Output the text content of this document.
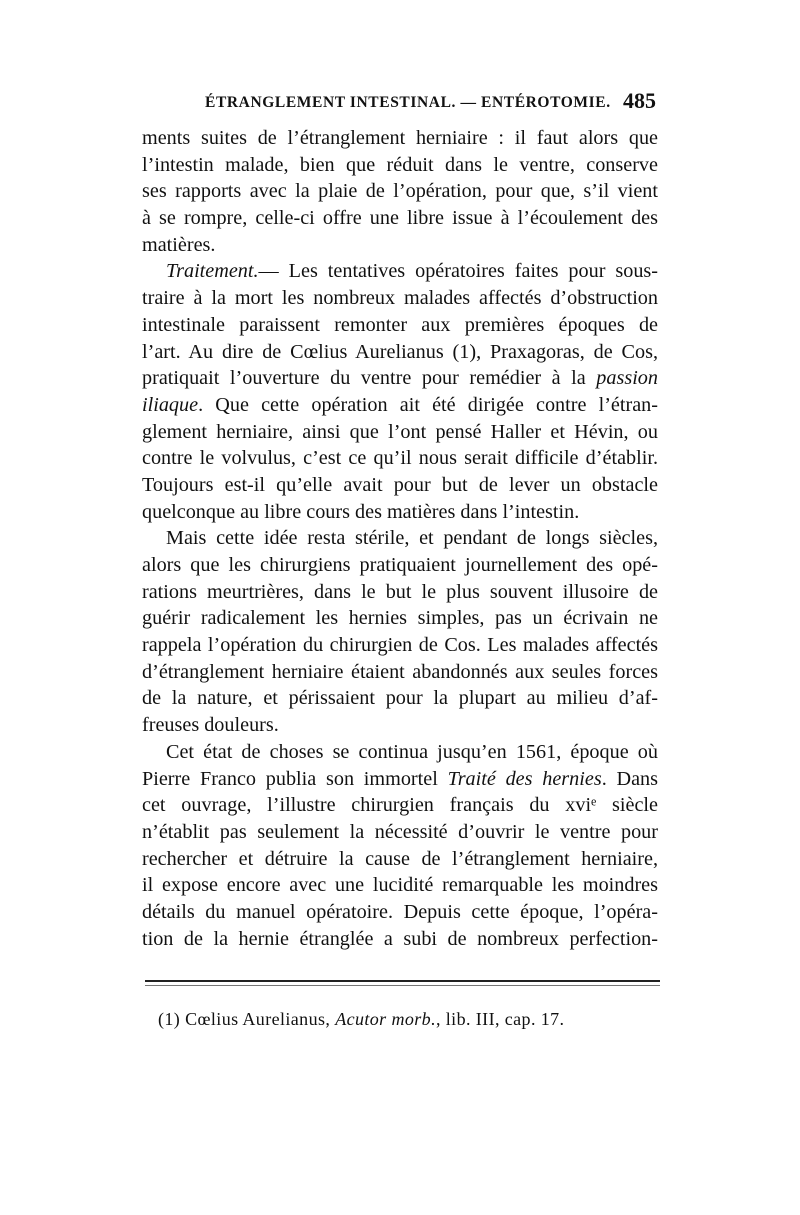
ÉTRANGLEMENT INTESTINAL. — ENTÉROTOMIE. 485
ments suites de l’étranglement herniaire : il faut alors que
l’intestin malade, bien que réduit dans le ventre, conserve
ses rapports avec la plaie de l’opération, pour que, s’il vient
à se rompre, celle-ci offre une libre issue à l’écoulement des
matières.
Traitement.— Les tentatives opératoires faites pour sous-
traire à la mort les nombreux malades affectés d’obstruction
intestinale paraissent remonter aux premières époques de
l’art. Au dire de Cœlius Aurelianus (1), Praxagoras, de Cos,
pratiquait l’ouverture du ventre pour remédier à la passion
iliaque. Que cette opération ait été dirigée contre l’étran-
glement herniaire, ainsi que l’ont pensé Haller et Hévin, ou
contre le volvulus, c’est ce qu’il nous serait difficile d’établir.
Toujours est-il qu’elle avait pour but de lever un obstacle
quelconque au libre cours des matières dans l’intestin.
Mais cette idée resta stérile, et pendant de longs siècles,
alors que les chirurgiens pratiquaient journellement des opé-
rations meurtrières, dans le but le plus souvent illusoire de
guérir radicalement les hernies simples, pas un écrivain ne
rappela l’opération du chirurgien de Cos. Les malades affectés
d’étranglement herniaire étaient abandonnés aux seules forces
de la nature, et périssaient pour la plupart au milieu d’af-
freuses douleurs.
Cet état de choses se continua jusqu’en 1561, époque où
Pierre Franco publia son immortel Traité des hernies. Dans
cet ouvrage, l’illustre chirurgien français du xviᵉ siècle
n’établit pas seulement la nécessité d’ouvrir le ventre pour
rechercher et détruire la cause de l’étranglement herniaire,
il expose encore avec une lucidité remarquable les moindres
détails du manuel opératoire. Depuis cette époque, l’opéra-
tion de la hernie étranglée a subi de nombreux perfection-
(1) Cœlius Aurelianus, Acutor morb., lib. III, cap. 17.
